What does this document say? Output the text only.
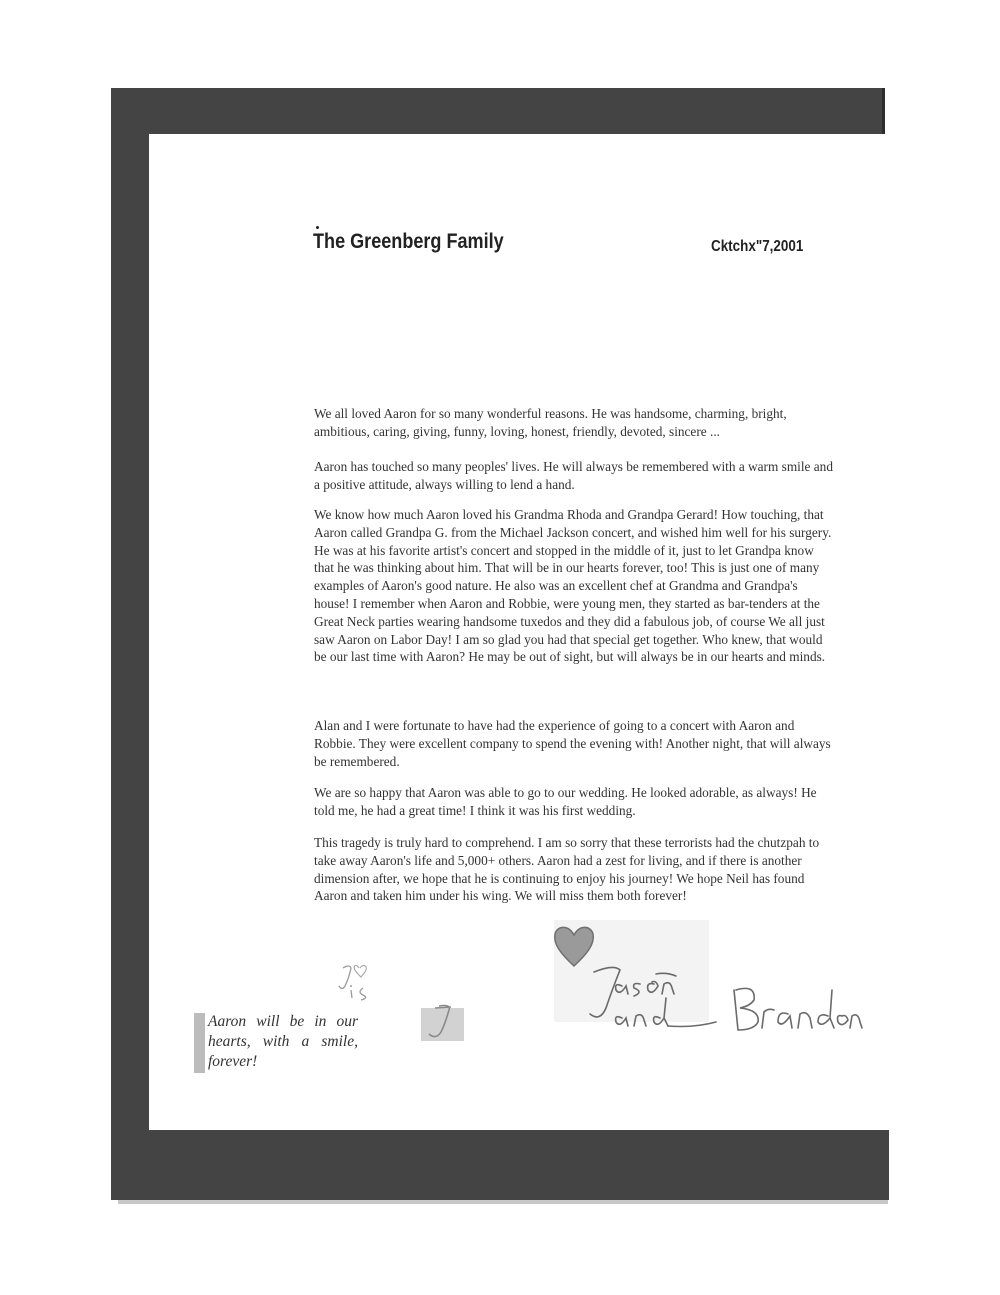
The Greenberg Family	Cktchx"7,2001

We all loved Aaron for so many wonderful reasons. He was handsome, charming, bright, ambitious, caring, giving, funny, loving, honest, friendly, devoted, sincere ...

Aaron has touched so many peoples' lives. He will always be remembered with a warm smile and a positive attitude, always willing to lend a hand.

We know how much Aaron loved his Grandma Rhoda and Grandpa Gerard! How touching, that Aaron called Grandpa G. from the Michael Jackson concert, and wished him well for his surgery. He was at his favorite artist's concert and stopped in the middle of it, just to let Grandpa know that he was thinking about him. That will be in our hearts forever, too! This is just one of many examples of Aaron's good nature. He also was an excellent chef at Grandma and Grandpa's house! I remember when Aaron and Robbie, were young men, they started as bar-tenders at the Great Neck parties wearing handsome tuxedos and they did a fabulous job, of course We all just saw Aaron on Labor Day! I am so glad you had that special get together. Who knew, that would be our last time with Aaron? He may be out of sight, but will always be in our hearts and minds.

Alan and I were fortunate to have had the experience of going to a concert with Aaron and Robbie. They were excellent company to spend the evening with! Another night, that will always be remembered.

We are so happy that Aaron was able to go to our wedding. He looked adorable, as always! He told me, he had a great time! I think it was his first wedding.

This tragedy is truly hard to comprehend. I am so sorry that these terrorists had the chutzpah to take away Aaron's life and 5,000+ others. Aaron had a zest for living, and if there is another dimension after, we hope that he is continuing to enjoy his journey! We hope Neil has found Aaron and taken him under his wing. We will miss them both forever!

Aaron will be in our hearts, with a smile, forever!
